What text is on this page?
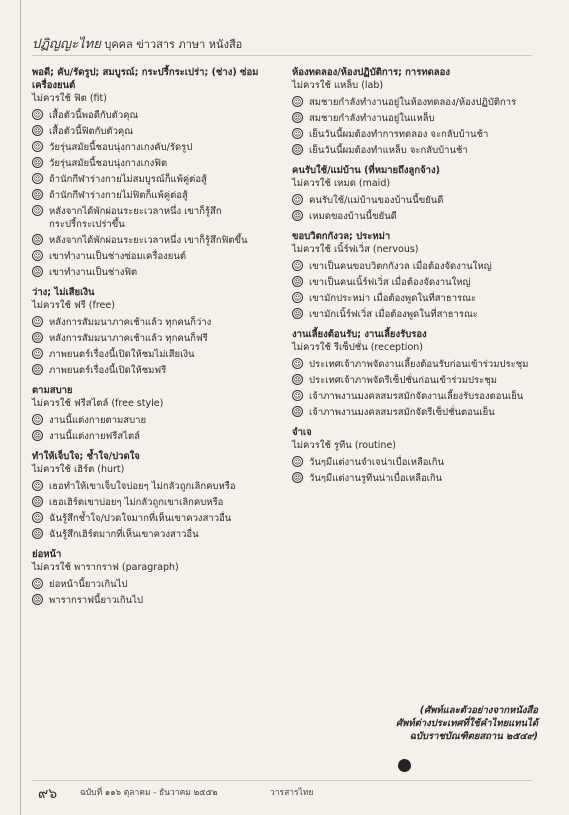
ปฏิญญะไทย บุคคล ข่าวสาร ภาษา หนังสือ
พอดี; คับ/รัดรูป; สมบูรณ์; กระปรี้กระเปร่า; (ช่าง) ซ่อมเครื่องยนต์
ไม่ควรใช้ ฟิต (fit)
☺ เสื้อตัวนี้พอดีกับตัวคุณ
☹ เสื้อตัวนี้ฟิตกับตัวคุณ
☺ วัยรุ่นสมัยนี้ชอบนุ่งกางเกงคับ/รัดรูป
☹ วัยรุ่นสมัยนี้ชอบนุ่งกางเกงฟิต
☺ ถ้านักกีฬาร่างกายไม่สมบูรณ์ก็แพ้คู่ต่อสู้
☹ ถ้านักกีฬาร่างกายไม่ฟิตก็แพ้คู่ต่อสู้
☺ หลังจากได้พักผ่อนระยะเวลาหนึ่ง เขาก็รู้สึกกระปรี้กระเปร่าขึ้น
☹ หลังจากได้พักผ่อนระยะเวลาหนึ่ง เขาก็รู้สึกฟิตขึ้น
☺ เขาทำงานเป็นช่างซ่อมเครื่องยนต์
☹ เขาทำงานเป็นช่างฟิต
ว่าง; ไม่เสียเงิน
ไม่ควรใช้ ฟรี (free)
☺ หลังการสัมมนาภาคเช้าแล้ว ทุกคนก็ว่าง
☹ หลังการสัมมนาภาคเช้าแล้ว ทุกคนก็ฟรี
☺ ภาพยนตร์เรื่องนี้เปิดให้ชมไม่เสียเงิน
☹ ภาพยนตร์เรื่องนี้เปิดให้ชมฟรี
ตามสบาย
ไม่ควรใช้ ฟรีสไตล์ (free style)
☺ งานนี้แต่งกายตามสบาย
☹ งานนี้แต่งกายฟรีสไตล์
ทำให้เจ็บใจ; ช้ำใจ/ปวดใจ
ไม่ควรใช้ เฮิร์ต (hurt)
☺ เธอทำให้เขาเจ็บใจบ่อยๆ ไม่กลัวถูกเลิกคบหรือ
☹ เธอเฮิร์ตเขาบ่อยๆ ไม่กลัวถูกเขาเลิกคบหรือ
☺ ฉันรู้สึกช้ำใจ/ปวดใจมากที่เห็นเขาควงสาวอื่น
☹ ฉันรู้สึกเฮิร์ตมากที่เห็นเขาควงสาวอื่น
ย่อหน้า
ไม่ควรใช้ พารากราฟ (paragraph)
☺ ย่อหน้านี้ยาวเกินไป
☹ พารากราฟนี้ยาวเกินไป
ห้องทดลอง/ห้องปฏิบัติการ; การทดลอง
ไม่ควรใช้ แหล็บ (lab)
☺ สมชายกำลังทำงานอยู่ในห้องทดลอง/ห้องปฏิบัติการ
☹ สมชายกำลังทำงานอยู่ในแหล็บ
☺ เย็นวันนี้ผมต้องทำการทดลอง จะกลับบ้านช้า
☹ เย็นวันนี้ผมต้องทำแหล็บ จะกลับบ้านช้า
คนรับใช้/แม่บ้าน (ที่หมายถึงลูกจ้าง)
ไม่ควรใช้ เหมด (maid)
☺ คนรับใช้/แม่บ้านของบ้านนี้ขยันดี
☹ เหมดของบ้านนี้ขยันดี
ขอบวิตกกังวล; ประหม่า
ไม่ควรใช้ เนิ้ร์ฟเวิ่ส (nervous)
☺ เขาเป็นคนขอบวิตกกังวล เมื่อต้องจัดงานใหญ่
☹ เขาเป็นคนเนิ้ร์ฟเวิ่ส เมื่อต้องจัดงานใหญ่
☺ เขามักประหม่า เมื่อต้องพูดในที่สาธารณะ
☹ เขามักเนิ้ร์ฟเวิ่ส เมื่อต้องพูดในที่สาธารณะ
งานเลี้ยงต้อนรับ; งานเลี้ยงรับรอง
ไม่ควรใช้ รีเซ็ปชั่น (reception)
☺ ประเทศเจ้าภาพจัดงานเลี้ยงต้อนรับก่อนเข้าร่วมประชุม
☹ ประเทศเจ้าภาพจัดรีเซ็ปชั่นก่อนเข้าร่วมประชุม
☺ เจ้าภาพงานมงคลสมรสมักจัดงานเลี้ยงรับรองตอนเย็น
☹ เจ้าภาพงานมงคลสมรสมักจัดรีเซ็ปชั่นตอนเย็น
จำเจ
ไม่ควรใช้ รูทีน (routine)
☺ วันๆมีแต่งานจำเจน่าเบื่อเหลือเกิน
☹ วันๆมีแต่งานรูทีนน่าเบื่อเหลือเกิน
(ศัพท์และตัวอย่างจากหนังสือ
ศัพท์ต่างประเทศที่ใช้คำไทยแทนได้
ฉบับราชบัณฑิตยสถาน ๒๕๔๙)
๙๖	ฉบับที่ ๑๑๖ ตุลาคม - ธันวาคม ๒๕๕๒	วารสารไทย
